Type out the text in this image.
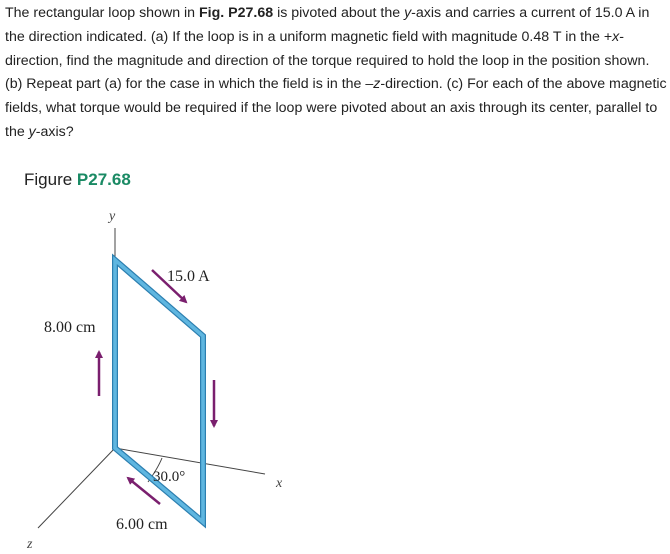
The rectangular loop shown in Fig. P27.68 is pivoted about the y-axis and carries a current of 15.0 A in the direction indicated. (a) If the loop is in a uniform magnetic field with magnitude 0.48 T in the +x-direction, find the magnitude and direction of the torque required to hold the loop in the position shown. (b) Repeat part (a) for the case in which the field is in the –z-direction. (c) For each of the above magnetic fields, what torque would be required if the loop were pivoted about an axis through its center, parallel to the y-axis?

Figure P27.68

y
x
z
15.0 A
8.00 cm
6.00 cm
30.0°
